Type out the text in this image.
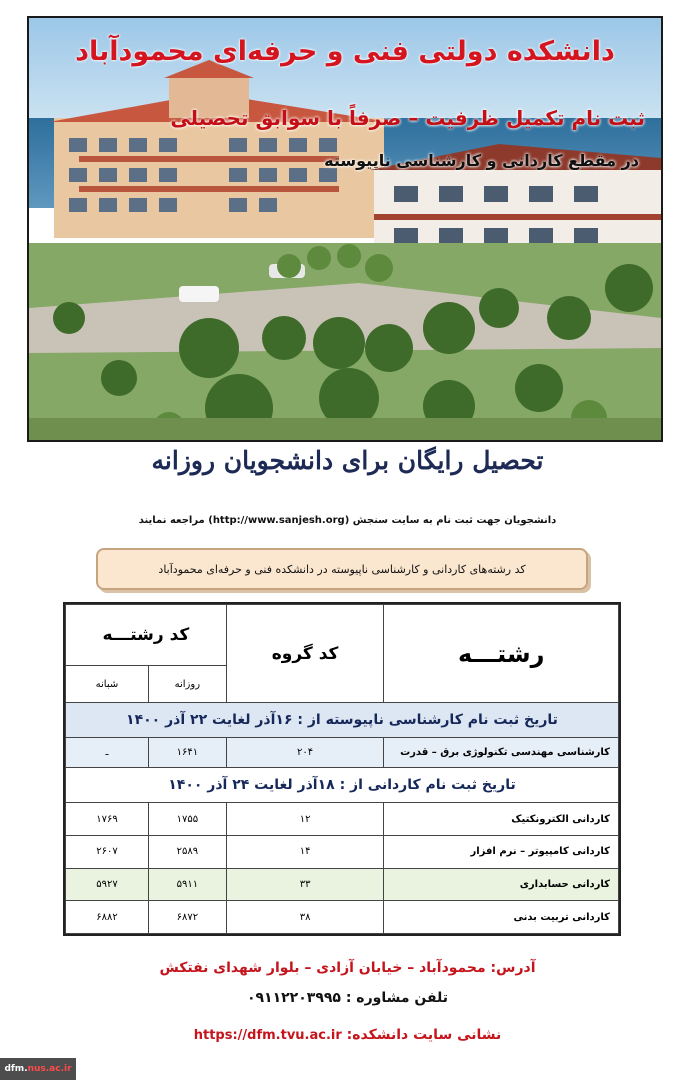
دانشکده دولتی فنی و حرفه‌ای محمودآباد
ثبت نام تکمیل ظرفیت – صرفاً با سوابق تحصیلی
در مقطع کاردانی و کارشناسی ناپیوسته
تحصیل رایگان برای دانشجویان روزانه
دانشجویان جهت ثبت نام به سایت سنجش (http://www.sanjesh.org) مراجعه نمایند
کد رشته‌های کاردانی و کارشناسی ناپیوسته در دانشکده فنی و حرفه‌ای محمودآباد
رشتـــه	کد گروه	کد رشتـــه	
		روزانه	شبانه
تاریخ ثبت نام کارشناسی ناپیوسته از : ۱۶آذر لغایت ۲۲ آذر ۱۴۰۰			
کارشناسی مهندسی تکنولوژی برق – قدرت	۲۰۴	۱۶۴۱	ـ
تاریخ ثبت نام کاردانی از : ۱۸آذر لغایت ۲۴ آذر ۱۴۰۰			
کاردانی الکترونکتیک	۱۲	۱۷۵۵	۱۷۶۹
کاردانی کامپیوتر – نرم افزار	۱۴	۲۵۸۹	۲۶۰۷
کاردانی حسابداری	۳۳	۵۹۱۱	۵۹۲۷
کاردانی تربیت بدنی	۳۸	۶۸۷۲	۶۸۸۲
آدرس: محمودآباد – خیابان آزادی – بلوار شهدای نفتکش
تلفن مشاوره : ۰۹۱۱۲۲۰۳۹۹۵
نشانی سایت دانشکده: https://dfm.tvu.ac.ir
dfm. nus.ac.ir
